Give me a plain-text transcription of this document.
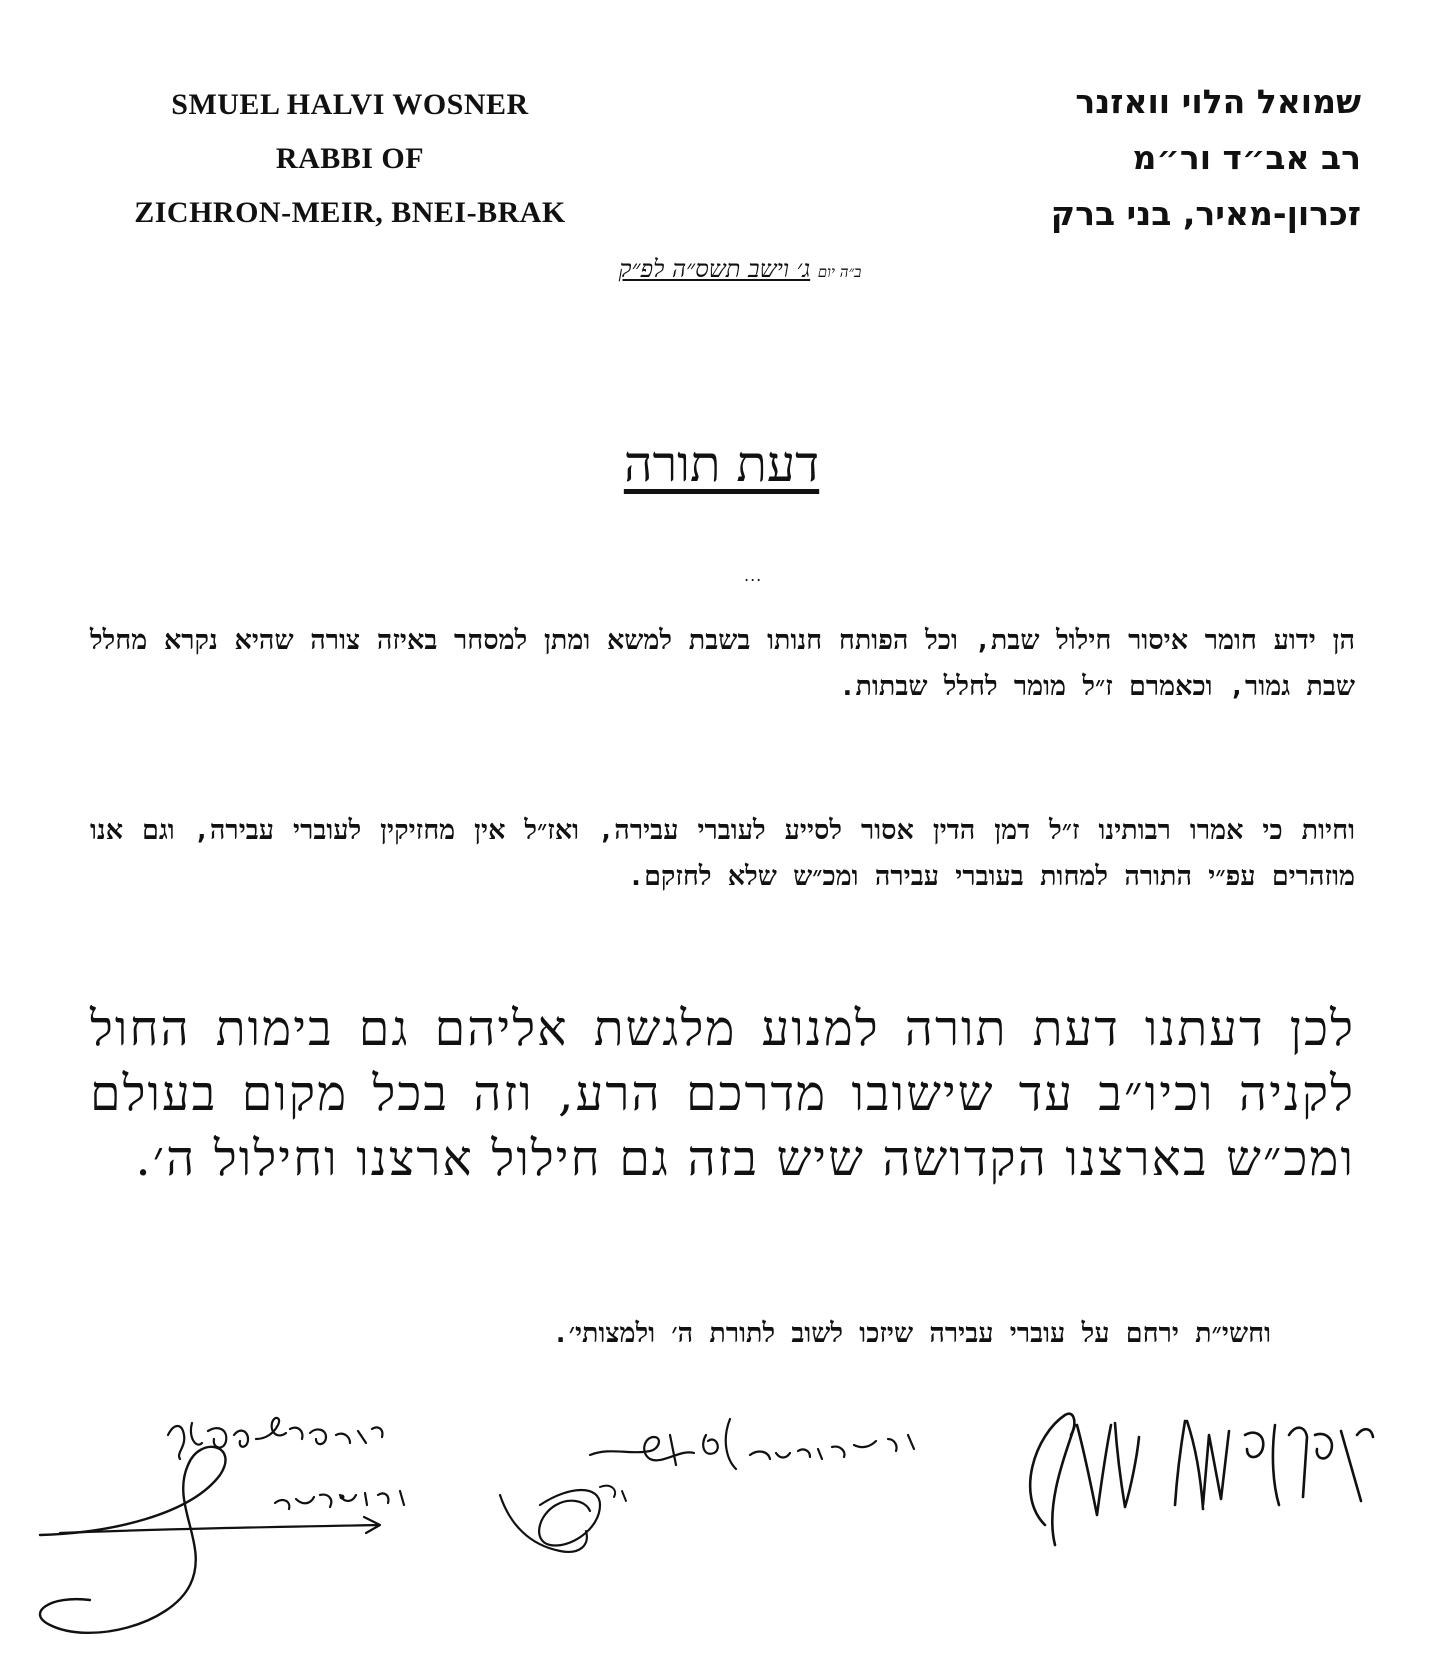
SMUEL HALVI WOSNER
RABBI OF
ZICHRON-MEIR, BNEI-BRAK
שמואל הלוי וואזנר
רב אב״ד ור״מ
זכרון-מאיר, בני ברק
ב״ה יום ג׳ וישב תשס״ה לפ״ק
דעת תורה
...
הן ידוע חומר איסור חילול שבת, וכל הפותח חנותו בשבת למשא ומתן למסחר באיזה צורה שהיא נקרא מחלל שבת גמור, וכאמרם ז״ל מומר לחלל שבתות.
וחיות כי אמרו רבותינו ז״ל דמן הדין אסור לסייע לעוברי עבירה, ואז״ל אין מחזיקין לעוברי עבירה, וגם אנו מוזהרים עפ״י התורה למחות בעוברי עבירה ומכ״ש שלא לחזקם.
לכן דעתנו דעת תורה למנוע מלגשת אליהם גם בימות החול לקניה וכיו״ב עד שישובו מדרכם הרע, וזה בכל מקום בעולם ומכ״ש בארצנו הקדושה שיש בזה גם חילול ארצנו וחילול ה׳.
וחשי״ת ירחם על עוברי עבירה שיזכו לשוב לתורת ה׳ ולמצותי׳.
